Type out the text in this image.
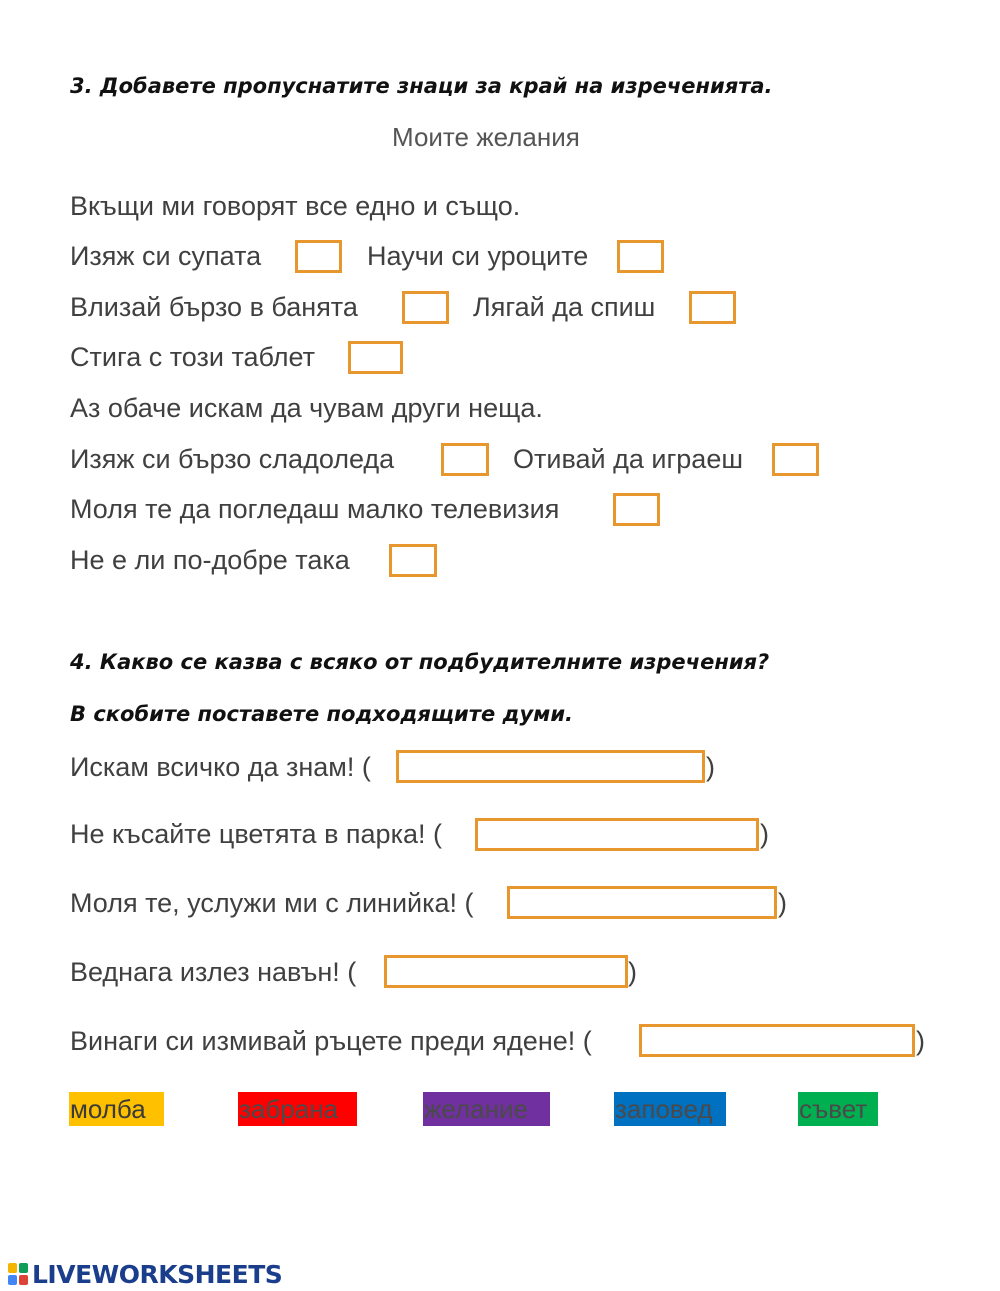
3. Добавете пропуснатите знаци за край на изреченията.
Моите желания
Вкъщи ми говорят все едно и също.
Изяж си супата	Научи си уроците
Влизай бързо в банята	Лягай да спиш
Стига с този таблет
Аз обаче искам да чувам други неща.
Изяж си бързо сладоледа	Отивай да играеш
Моля те да погледаш малко телевизия
Не е ли по-добре така
4. Какво се казва с всяко от подбудителните изречения?
В скобите поставете подходящите думи.
Искам всичко да знам! (	)
Не късайте цветята в парка! (	)
Моля те, услужи ми с линийка! (	)
Веднага излез навън! (	)
Винаги си измивай ръцете преди ядене! (	)
молба	забрана	желание	заповед	съвет
LIVEWORKSHEETS
